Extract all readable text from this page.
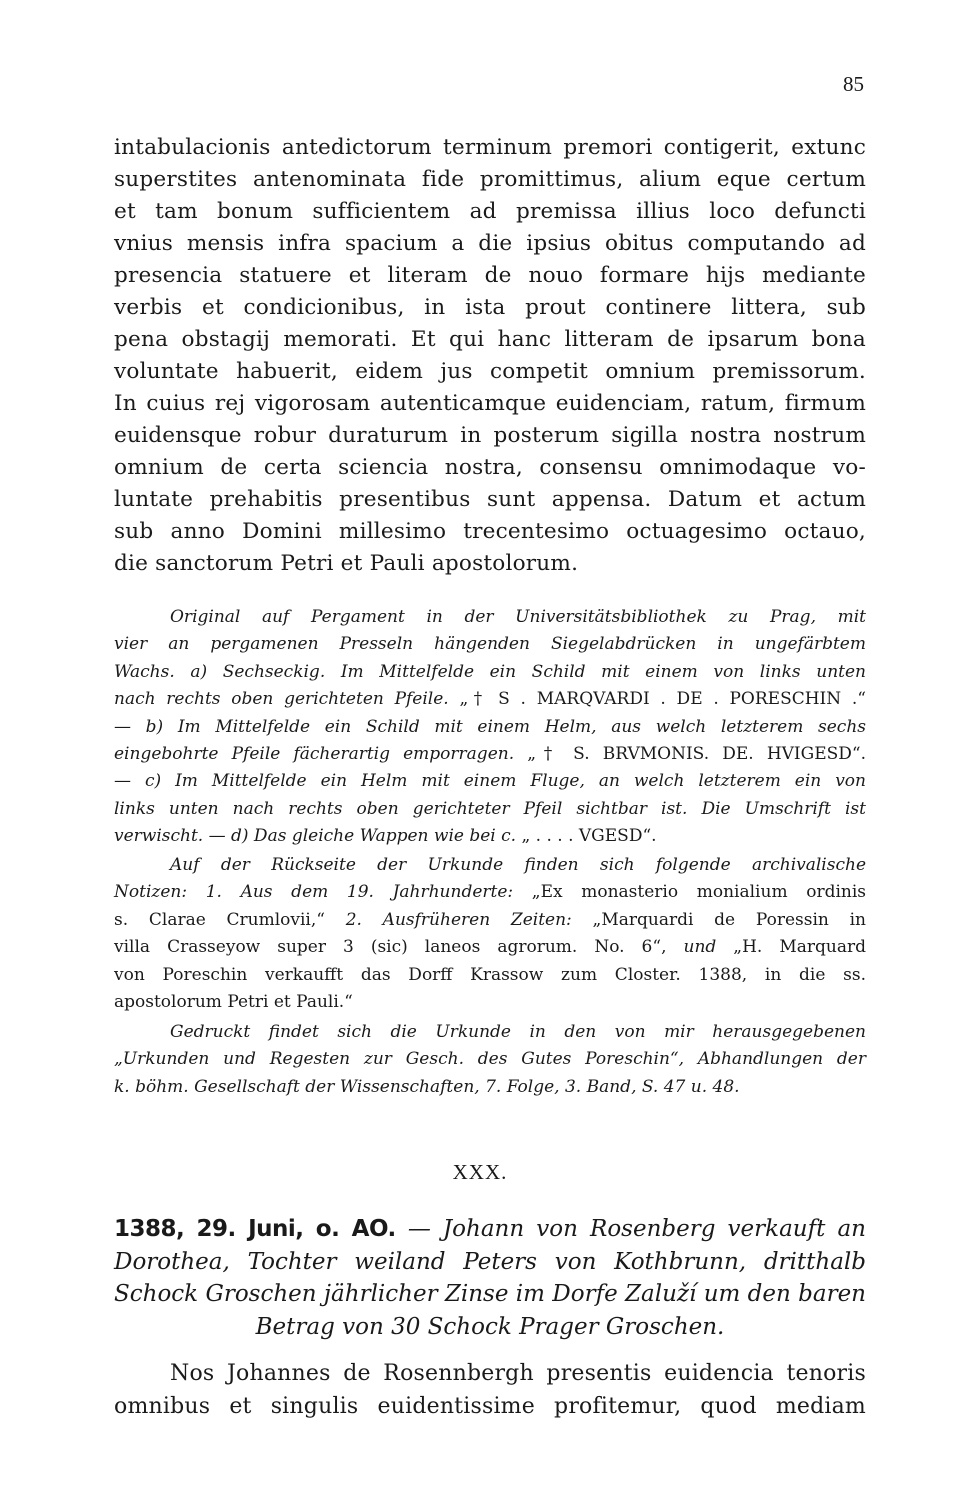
85
intabulacionis antedictorum terminum premori contigerit, extunc
superstites antenominata fide promittimus, alium eque certum
et tam bonum sufficientem ad premissa illius loco defuncti
vnius mensis infra spacium a die ipsius obitus computando ad
presencia statuere et literam de nouo formare hijs mediante
verbis et condicionibus, in ista prout continere littera, sub
pena obstagij memorati. Et qui hanc litteram de ipsarum bona
voluntate habuerit, eidem jus competit omnium premissorum.
In cuius rej vigorosam autenticamque euidenciam, ratum, firmum
euidensque robur duraturum in posterum sigilla nostra nostrum
omnium de certa sciencia nostra, consensu omnimodaque vo-
luntate prehabitis presentibus sunt appensa. Datum et actum
sub anno Domini millesimo trecentesimo octuagesimo octauo,
die sanctorum Petri et Pauli apostolorum.
Original auf Pergament in der Universitätsbibliothek zu Prag, mit
vier an pergamenen Presseln hängenden Siegelabdrücken in ungefärbtem
Wachs. a) Sechseckig. Im Mittelfelde ein Schild mit einem von links unten
nach rechts oben gerichteten Pfeile. „† S . MARQVARDI . DE . PORESCHIN .“
— b) Im Mittelfelde ein Schild mit einem Helm, aus welch letzterem sechs
eingebohrte Pfeile fächerartig emporragen. „† S. BRVMONIS. DE. HVIGESD“.
— c) Im Mittelfelde ein Helm mit einem Fluge, an welch letzterem ein von
links unten nach rechts oben gerichteter Pfeil sichtbar ist. Die Umschrift ist
verwischt. — d) Das gleiche Wappen wie bei c. „ . . . . VGESD“.
Auf der Rückseite der Urkunde finden sich folgende archivalische
Notizen: 1. Aus dem 19. Jahrhunderte: „Ex monasterio monialium ordinis
s. Clarae Crumlovii,“ 2. Ausfrüheren Zeiten: „Marquardi de Poressin in
villa Crasseyow super 3 (sic) laneos agrorum. No. 6“, und „H. Marquard
von Poreschin verkaufft das Dorff Krassow zum Closter. 1388, in die ss.
apostolorum Petri et Pauli.“
Gedruckt findet sich die Urkunde in den von mir herausgegebenen
„Urkunden und Regesten zur Gesch. des Gutes Poreschin“, Abhandlungen der
k. böhm. Gesellschaft der Wissenschaften, 7. Folge, 3. Band, S. 47 u. 48.
XXX.
1388, 29. Juni, o. AO. — Johann von Rosenberg verkauft an
Dorothea, Tochter weiland Peters von Kothbrunn, dritthalb
Schock Groschen jährlicher Zinse im Dorfe Zaluží um den baren
Betrag von 30 Schock Prager Groschen.
Nos Johannes de Rosennbergh presentis euidencia tenoris
omnibus et singulis euidentissime profitemur, quod mediam
